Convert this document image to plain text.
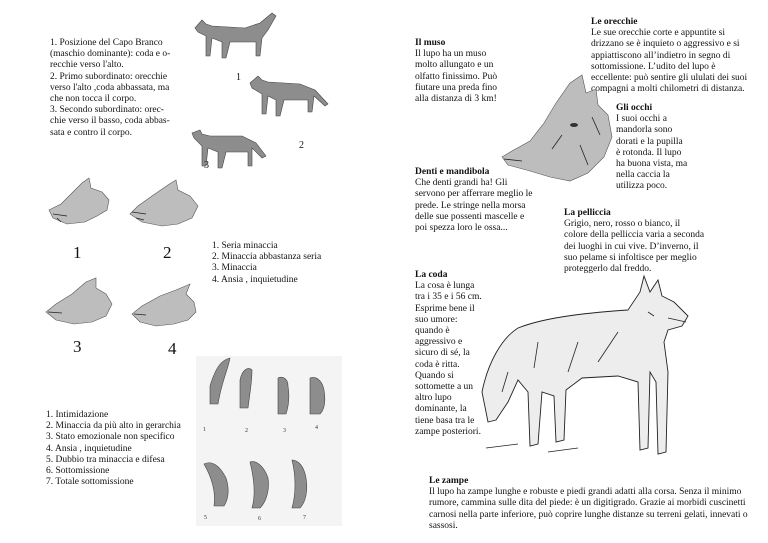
1. Posizione del Capo Branco
(maschio dominante): coda e o-
recchie verso l'alto.
2. Primo subordinato: orecchie
verso l'alto ,coda abbassata, ma
che non tocca il corpo.
3. Secondo subordinato: orec-
chie verso il basso, coda abbas-
sata e contro il corpo.
1
2
3
1	2
3	4
1. Seria minaccia
2. Minaccia abbastanza seria
3. Minaccia
4. Ansia , inquietudine
1	2	3	4
5	6	7
1. Intimidazione
2. Minaccia da più alto in gerarchia
3. Stato emozionale non specifico
4. Ansia , inquietudine
5. Dubbio tra minaccia e difesa
6. Sottomissione
7. Totale sottomissione
Le orecchie
Le sue orecchie corte e appuntite si
drizzano se è inquieto o aggressivo e si
appiattiscono all’indietro in segno di
sottomissione. L’udito del lupo è
eccellente: può sentire gli ululati dei suoi
compagni a molti chilometri di distanza.
Il muso
Il lupo ha un muso
molto allungato e un
olfatto finissimo. Può
fiutare una preda fino
alla distanza di 3 km!
Gli occhi
I suoi occhi a
mandorla sono
dorati e la pupilla
è rotonda. Il lupo
ha buona vista, ma
nella caccia la
utilizza poco.
Denti e mandibola
Che denti grandi ha! Gli
servono per afferrare meglio le
prede. Le stringe nella morsa
delle sue possenti mascelle e
poi spezza loro le ossa...
La pelliccia
Grigio, nero, rosso o bianco, il
colore della pelliccia varia a seconda
dei luoghi in cui vive. D’inverno, il
suo pelame si infoltisce per meglio
proteggerlo dal freddo.
La coda
La cosa è lunga
tra i 35 e i 56 cm.
Esprime bene il
suo umore:
quando è
aggressivo e
sicuro di sé, la
coda è ritta.
Quando si
sottomette a un
altro lupo
dominante, la
tiene basa tra le
zampe posteriori.
Le zampe
Il lupo ha zampe lunghe e robuste e piedi grandi adatti alla corsa. Senza il minimo
rumore, cammina sulle dita del piede: è un digitigrado. Grazie ai morbidi cuscinetti
carnosi nella parte inferiore, può coprire lunghe distanze su terreni gelati, innevati o
sassosi.
